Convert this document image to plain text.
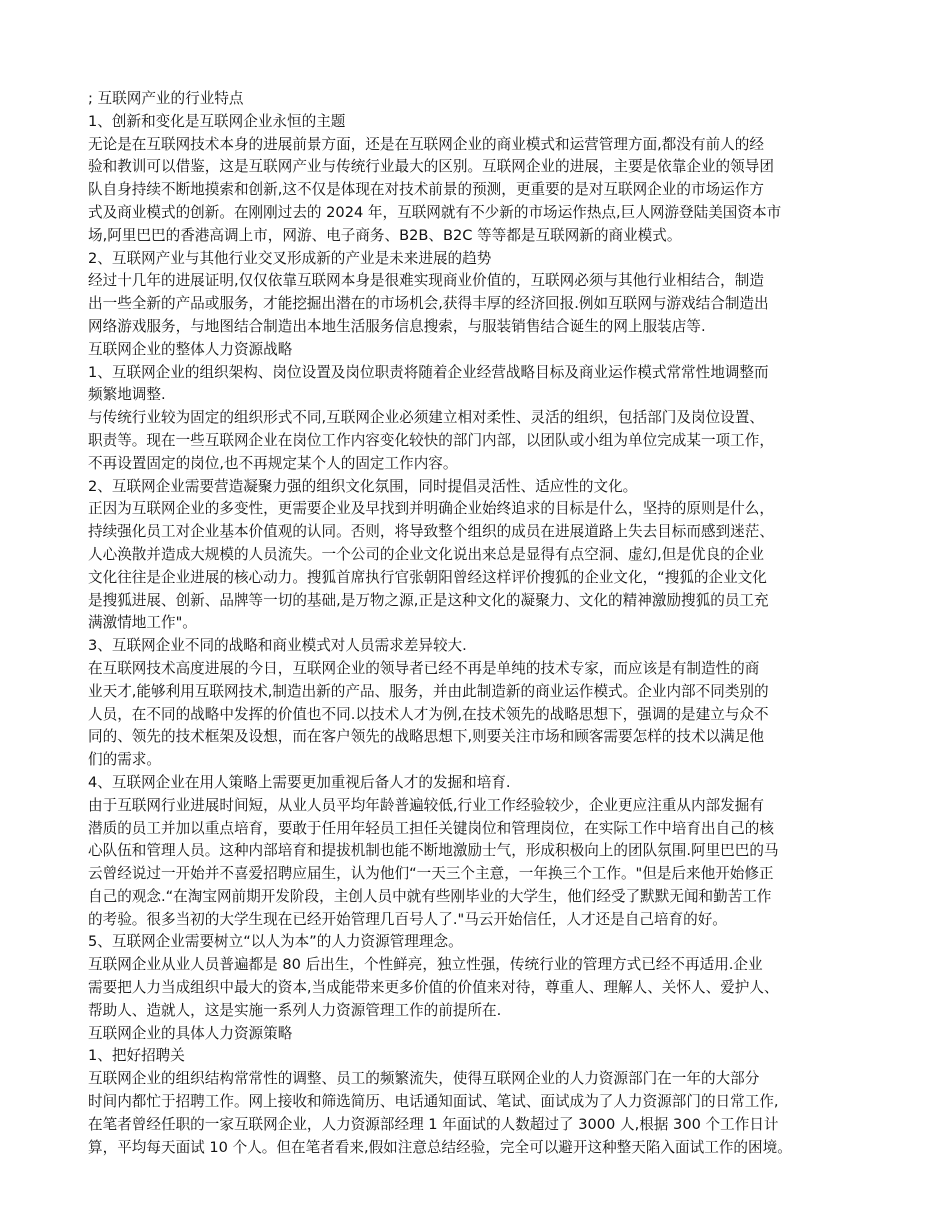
; 互联网产业的行业特点
1、创新和变化是互联网企业永恒的主题
无论是在互联网技术本身的进展前景方面，还是在互联网企业的商业模式和运营管理方面,都没有前人的经
验和教训可以借鉴，这是互联网产业与传统行业最大的区别。互联网企业的进展，主要是依靠企业的领导团
队自身持续不断地摸索和创新,这不仅是体现在对技术前景的预测，更重要的是对互联网企业的市场运作方
式及商业模式的创新。在刚刚过去的 2024 年，互联网就有不少新的市场运作热点,巨人网游登陆美国资本市
场,阿里巴巴的香港高调上市，网游、电子商务、B2B、B2C 等等都是互联网新的商业模式。
2、互联网产业与其他行业交叉形成新的产业是未来进展的趋势
经过十几年的进展证明,仅仅依靠互联网本身是很难实现商业价值的，互联网必须与其他行业相结合，制造
出一些全新的产品或服务，才能挖掘出潜在的市场机会,获得丰厚的经济回报.例如互联网与游戏结合制造出
网络游戏服务，与地图结合制造出本地生活服务信息搜索，与服装销售结合诞生的网上服装店等.
互联网企业的整体人力资源战略
1、互联网企业的组织架构、岗位设置及岗位职责将随着企业经营战略目标及商业运作模式常常性地调整而
频繁地调整.
与传统行业较为固定的组织形式不同,互联网企业必须建立相对柔性、灵活的组织，包括部门及岗位设置、
职责等。现在一些互联网企业在岗位工作内容变化较快的部门内部，以团队或小组为单位完成某一项工作，
不再设置固定的岗位,也不再规定某个人的固定工作内容。
2、互联网企业需要营造凝聚力强的组织文化氛围，同时提倡灵活性、适应性的文化。
正因为互联网企业的多变性，更需要企业及早找到并明确企业始终追求的目标是什么，坚持的原则是什么，
持续强化员工对企业基本价值观的认同。否则，将导致整个组织的成员在进展道路上失去目标而感到迷茫、
人心涣散并造成大规模的人员流失。一个公司的企业文化说出来总是显得有点空洞、虚幻,但是优良的企业
文化往往是企业进展的核心动力。搜狐首席执行官张朝阳曾经这样评价搜狐的企业文化，“搜狐的企业文化
是搜狐进展、创新、品牌等一切的基础,是万物之源,正是这种文化的凝聚力、文化的精神激励搜狐的员工充
满激情地工作"。
3、互联网企业不同的战略和商业模式对人员需求差异较大.
在互联网技术高度进展的今日，互联网企业的领导者已经不再是单纯的技术专家，而应该是有制造性的商
业天才,能够利用互联网技术,制造出新的产品、服务，并由此制造新的商业运作模式。企业内部不同类别的
人员，在不同的战略中发挥的价值也不同.以技术人才为例,在技术领先的战略思想下，强调的是建立与众不
同的、领先的技术框架及设想，而在客户领先的战略思想下,则要关注市场和顾客需要怎样的技术以满足他
们的需求。
4、互联网企业在用人策略上需要更加重视后备人才的发掘和培育.
由于互联网行业进展时间短，从业人员平均年龄普遍较低,行业工作经验较少，企业更应注重从内部发掘有
潜质的员工并加以重点培育，要敢于任用年轻员工担任关键岗位和管理岗位，在实际工作中培育出自己的核
心队伍和管理人员。这种内部培育和提拔机制也能不断地激励士气，形成积极向上的团队氛围.阿里巴巴的马
云曾经说过一开始并不喜爱招聘应届生，认为他们“一天三个主意，一年换三个工作。"但是后来他开始修正
自己的观念.“在淘宝网前期开发阶段，主创人员中就有些刚毕业的大学生，他们经受了默默无闻和勤苦工作
的考验。很多当初的大学生现在已经开始管理几百号人了."马云开始信任，人才还是自己培育的好。
5、互联网企业需要树立“以人为本”的人力资源管理理念。
互联网企业从业人员普遍都是 80 后出生，个性鲜亮，独立性强，传统行业的管理方式已经不再适用.企业
需要把人力当成组织中最大的资本,当成能带来更多价值的价值来对待，尊重人、理解人、关怀人、爱护人、
帮助人、造就人，这是实施一系列人力资源管理工作的前提所在.
互联网企业的具体人力资源策略
1、把好招聘关
互联网企业的组织结构常常性的调整、员工的频繁流失，使得互联网企业的人力资源部门在一年的大部分
时间内都忙于招聘工作。网上接收和筛选简历、电话通知面试、笔试、面试成为了人力资源部门的日常工作,
在笔者曾经任职的一家互联网企业，人力资源部经理 1 年面试的人数超过了 3000 人,根据 300 个工作日计
算，平均每天面试 10 个人。但在笔者看来,假如注意总结经验，完全可以避开这种整天陷入面试工作的困境。
